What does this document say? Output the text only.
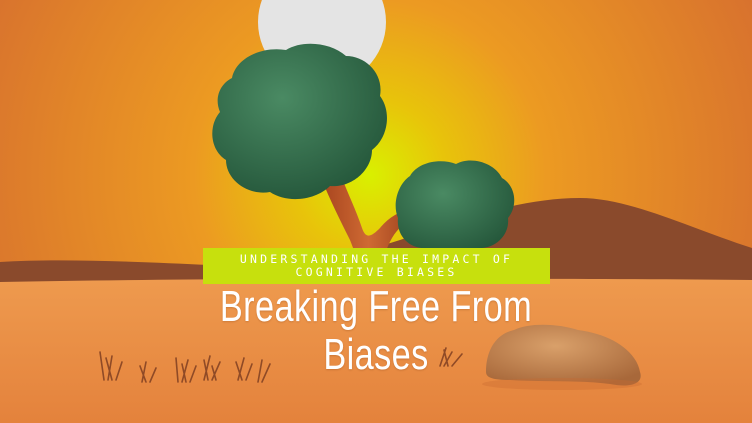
UNDERSTANDING THE IMPACT OF COGNITIVE BIASES
Breaking Free From
Biases
